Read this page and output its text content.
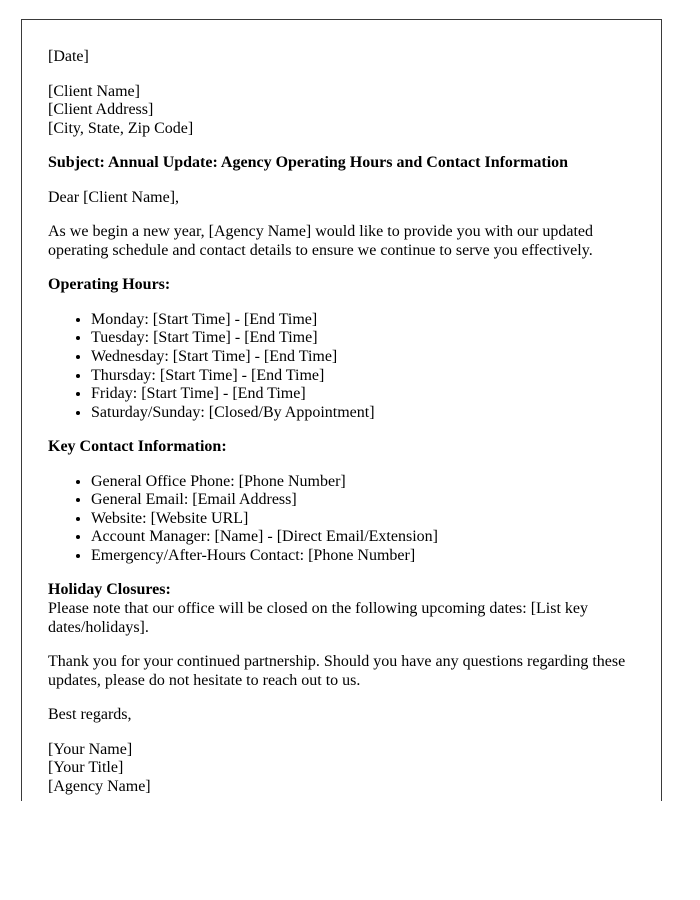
[Date]

[Client Name]
[Client Address]
[City, State, Zip Code]

Subject: Annual Update: Agency Operating Hours and Contact Information

Dear [Client Name],

As we begin a new year, [Agency Name] would like to provide you with our updated operating schedule and contact details to ensure we continue to serve you effectively.

Operating Hours:

• Monday: [Start Time] - [End Time]
• Tuesday: [Start Time] - [End Time]
• Wednesday: [Start Time] - [End Time]
• Thursday: [Start Time] - [End Time]
• Friday: [Start Time] - [End Time]
• Saturday/Sunday: [Closed/By Appointment]

Key Contact Information:

• General Office Phone: [Phone Number]
• General Email: [Email Address]
• Website: [Website URL]
• Account Manager: [Name] - [Direct Email/Extension]
• Emergency/After-Hours Contact: [Phone Number]

Holiday Closures:
Please note that our office will be closed on the following upcoming dates: [List key dates/holidays].

Thank you for your continued partnership. Should you have any questions regarding these updates, please do not hesitate to reach out to us.

Best regards,

[Your Name]
[Your Title]
[Agency Name]
